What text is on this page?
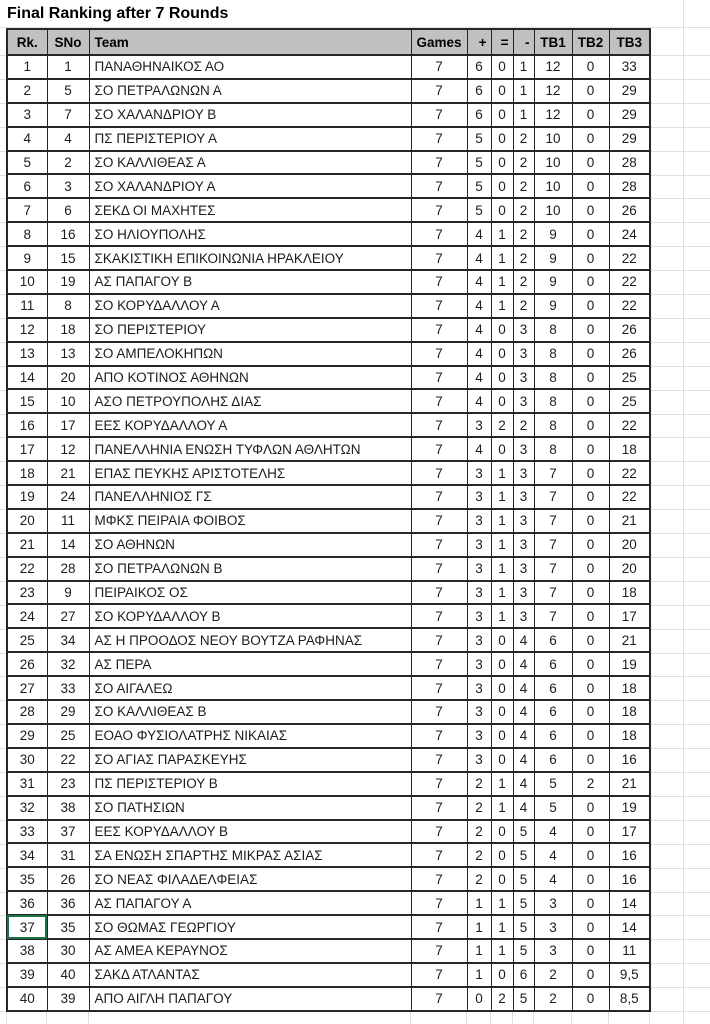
Final Ranking after 7 Rounds
Rk.	SNo	Team	Games	+	=	-	TB1	TB2	TB3
1	1	ΠΑΝΑΘΗΝΑΙΚΟΣ ΑΟ	7	6	0	1	12	0	33
2	5	ΣΟ ΠΕΤΡΑΛΩΝΩΝ Α	7	6	0	1	12	0	29
3	7	ΣΟ ΧΑΛΑΝΔΡΙΟΥ Β	7	6	0	1	12	0	29
4	4	ΠΣ ΠΕΡΙΣΤΕΡΙΟΥ Α	7	5	0	2	10	0	29
5	2	ΣΟ ΚΑΛΛΙΘΕΑΣ Α	7	5	0	2	10	0	28
6	3	ΣΟ ΧΑΛΑΝΔΡΙΟΥ Α	7	5	0	2	10	0	28
7	6	ΣΕΚΔ ΟΙ ΜΑΧΗΤΕΣ	7	5	0	2	10	0	26
8	16	ΣΟ ΗΛΙΟΥΠΟΛΗΣ	7	4	1	2	9	0	24
9	15	ΣΚΑΚΙΣΤΙΚΗ ΕΠΙΚΟΙΝΩΝΙΑ ΗΡΑΚΛΕΙΟΥ	7	4	1	2	9	0	22
10	19	ΑΣ ΠΑΠΑΓΟΥ Β	7	4	1	2	9	0	22
11	8	ΣΟ ΚΟΡΥΔΑΛΛΟΥ Α	7	4	1	2	9	0	22
12	18	ΣΟ ΠΕΡΙΣΤΕΡΙΟΥ	7	4	0	3	8	0	26
13	13	ΣΟ ΑΜΠΕΛΟΚΗΠΩΝ	7	4	0	3	8	0	26
14	20	ΑΠΟ ΚΟΤΙΝΟΣ ΑΘΗΝΩΝ	7	4	0	3	8	0	25
15	10	ΑΣΟ ΠΕΤΡΟΥΠΟΛΗΣ ΔΙΑΣ	7	4	0	3	8	0	25
16	17	ΕΕΣ ΚΟΡΥΔΑΛΛΟΥ Α	7	3	2	2	8	0	22
17	12	ΠΑΝΕΛΛΗΝΙΑ ΕΝΩΣΗ ΤΥΦΛΩΝ ΑΘΛΗΤΩΝ	7	4	0	3	8	0	18
18	21	ΕΠΑΣ ΠΕΥΚΗΣ ΑΡΙΣΤΟΤΕΛΗΣ	7	3	1	3	7	0	22
19	24	ΠΑΝΕΛΛΗΝΙΟΣ ΓΣ	7	3	1	3	7	0	22
20	11	ΜΦΚΣ ΠΕΙΡΑΙΑ ΦΟΙΒΟΣ	7	3	1	3	7	0	21
21	14	ΣΟ ΑΘΗΝΩΝ	7	3	1	3	7	0	20
22	28	ΣΟ ΠΕΤΡΑΛΩΝΩΝ Β	7	3	1	3	7	0	20
23	9	ΠΕΙΡΑΙΚΟΣ ΟΣ	7	3	1	3	7	0	18
24	27	ΣΟ ΚΟΡΥΔΑΛΛΟΥ Β	7	3	1	3	7	0	17
25	34	ΑΣ Η ΠΡΟΟΔΟΣ ΝΕΟΥ ΒΟΥΤΖΑ ΡΑΦΗΝΑΣ	7	3	0	4	6	0	21
26	32	ΑΣ ΠΕΡΑ	7	3	0	4	6	0	19
27	33	ΣΟ ΑΙΓΑΛΕΩ	7	3	0	4	6	0	18
28	29	ΣΟ ΚΑΛΛΙΘΕΑΣ Β	7	3	0	4	6	0	18
29	25	ΕΟΑΟ ΦΥΣΙΟΛΑΤΡΗΣ ΝΙΚΑΙΑΣ	7	3	0	4	6	0	18
30	22	ΣΟ ΑΓΙΑΣ ΠΑΡΑΣΚΕΥΗΣ	7	3	0	4	6	0	16
31	23	ΠΣ ΠΕΡΙΣΤΕΡΙΟΥ Β	7	2	1	4	5	2	21
32	38	ΣΟ ΠΑΤΗΣΙΩΝ	7	2	1	4	5	0	19
33	37	ΕΕΣ ΚΟΡΥΔΑΛΛΟΥ Β	7	2	0	5	4	0	17
34	31	ΣΑ ΕΝΩΣΗ ΣΠΑΡΤΗΣ ΜΙΚΡΑΣ ΑΣΙΑΣ	7	2	0	5	4	0	16
35	26	ΣΟ ΝΕΑΣ ΦΙΛΑΔΕΛΦΕΙΑΣ	7	2	0	5	4	0	16
36	36	ΑΣ ΠΑΠΑΓΟΥ Α	7	1	1	5	3	0	14
37	35	ΣΟ ΘΩΜΑΣ ΓΕΩΡΓΙΟΥ	7	1	1	5	3	0	14
38	30	ΑΣ ΑΜΕΑ ΚΕΡΑΥΝΟΣ	7	1	1	5	3	0	11
39	40	ΣΑΚΔ ΑΤΛΑΝΤΑΣ	7	1	0	6	2	0	9,5
40	39	ΑΠΟ ΑΙΓΛΗ ΠΑΠΑΓΟΥ	7	0	2	5	2	0	8,5
